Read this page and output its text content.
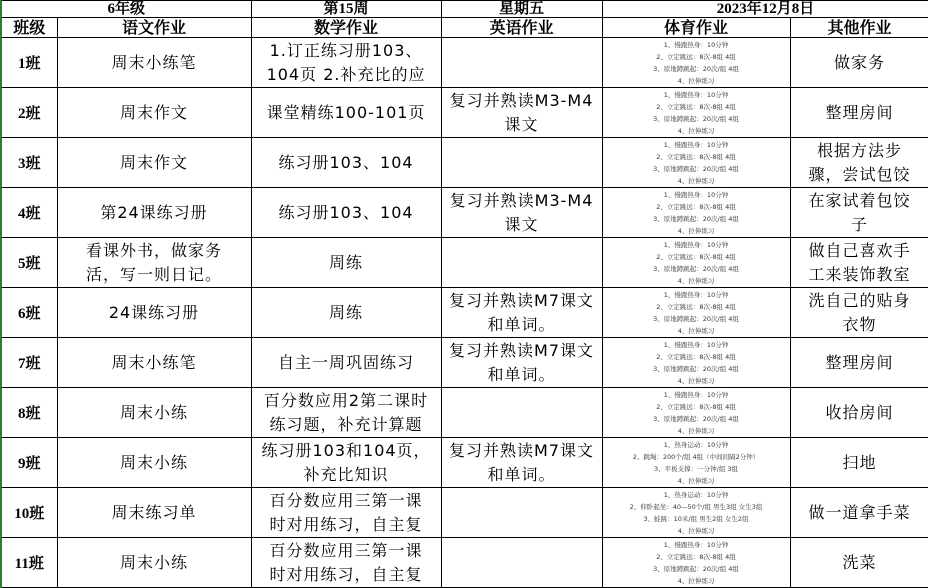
6年级		第15周	星期五	2023年12月8日	
班级	语文作业	数学作业	英语作业	体育作业	其他作业
1班	周末小练笔	1.订正练习册103、
104页 2.补充比的应		1、慢跑热身：10分钟
2、立定跳远：8次-8组 4组
3、原地蹲跳起：20次/组 4组
4、拉伸练习	做家务

2班	周末作文	课堂精练100-101页	复习并熟读M3-M4
课文	1、慢跑热身：10分钟
2、立定跳远：8次-8组 4组
3、原地蹲跳起：20次/组 4组
4、拉伸练习	整理房间

3班	周末作文	练习册103、104		1、慢跑热身：10分钟
2、立定跳远：8次-8组 4组
3、原地蹲跳起：20次/组 4组
4、拉伸练习	根据方法步
骤，尝试包饺

4班	第24课练习册	练习册103、104	复习并熟读M3-M4
课文	1、慢跑热身：10分钟
2、立定跳远：8次-8组 4组
3、原地蹲跳起：20次/组 4组
4、拉伸练习	在家试着包饺
子

5班	看课外书，做家务
活，写一则日记。	周练		1、慢跑热身：10分钟
2、立定跳远：8次-8组 4组
3、原地蹲跳起：20次/组 4组
4、拉伸练习	做自己喜欢手
工来装饰教室

6班	24课练习册	周练	复习并熟读M7课文
和单词。	1、慢跑热身：10分钟
2、立定跳远：8次-8组 4组
3、原地蹲跳起：20次/组 4组
4、拉伸练习	洗自己的贴身
衣物

7班	周末小练笔	自主一周巩固练习	复习并熟读M7课文
和单词。	1、慢跑热身：10分钟
2、立定跳远：8次-8组 4组
3、原地蹲跳起：20次/组 4组
4、拉伸练习	整理房间

8班	周末小练	百分数应用2第二课时
练习题，补充计算题		1、慢跑热身：10分钟
2、立定跳远：8次-8组 4组
3、原地蹲跳起：20次/组 4组
4、拉伸练习	收拾房间

9班	周末小练	练习册103和104页，
补充比知识	复习并熟读M7课文
和单词。	1、热身运动：10分钟
2、跳绳：200个/组 4组（中间间隔2分钟）
3、平板支撑：一分钟/组 3组
4、拉伸练习	扫地

10班	周末练习单	百分数应用三第一课
时对用练习，自主复		1、热身运动：10分钟
2、仰卧起坐：40—50个/组 男生3组 女生3组
3、蛙跳：10米/组 男生2组 女生2组
4、拉伸练习	做一道拿手菜

11班	周末小练	百分数应用三第一课
时对用练习，自主复		1、慢跑热身：10分钟
2、立定跳远：8次-8组 4组
3、原地蹲跳起：20次/组 4组
4、拉伸练习	洗菜
